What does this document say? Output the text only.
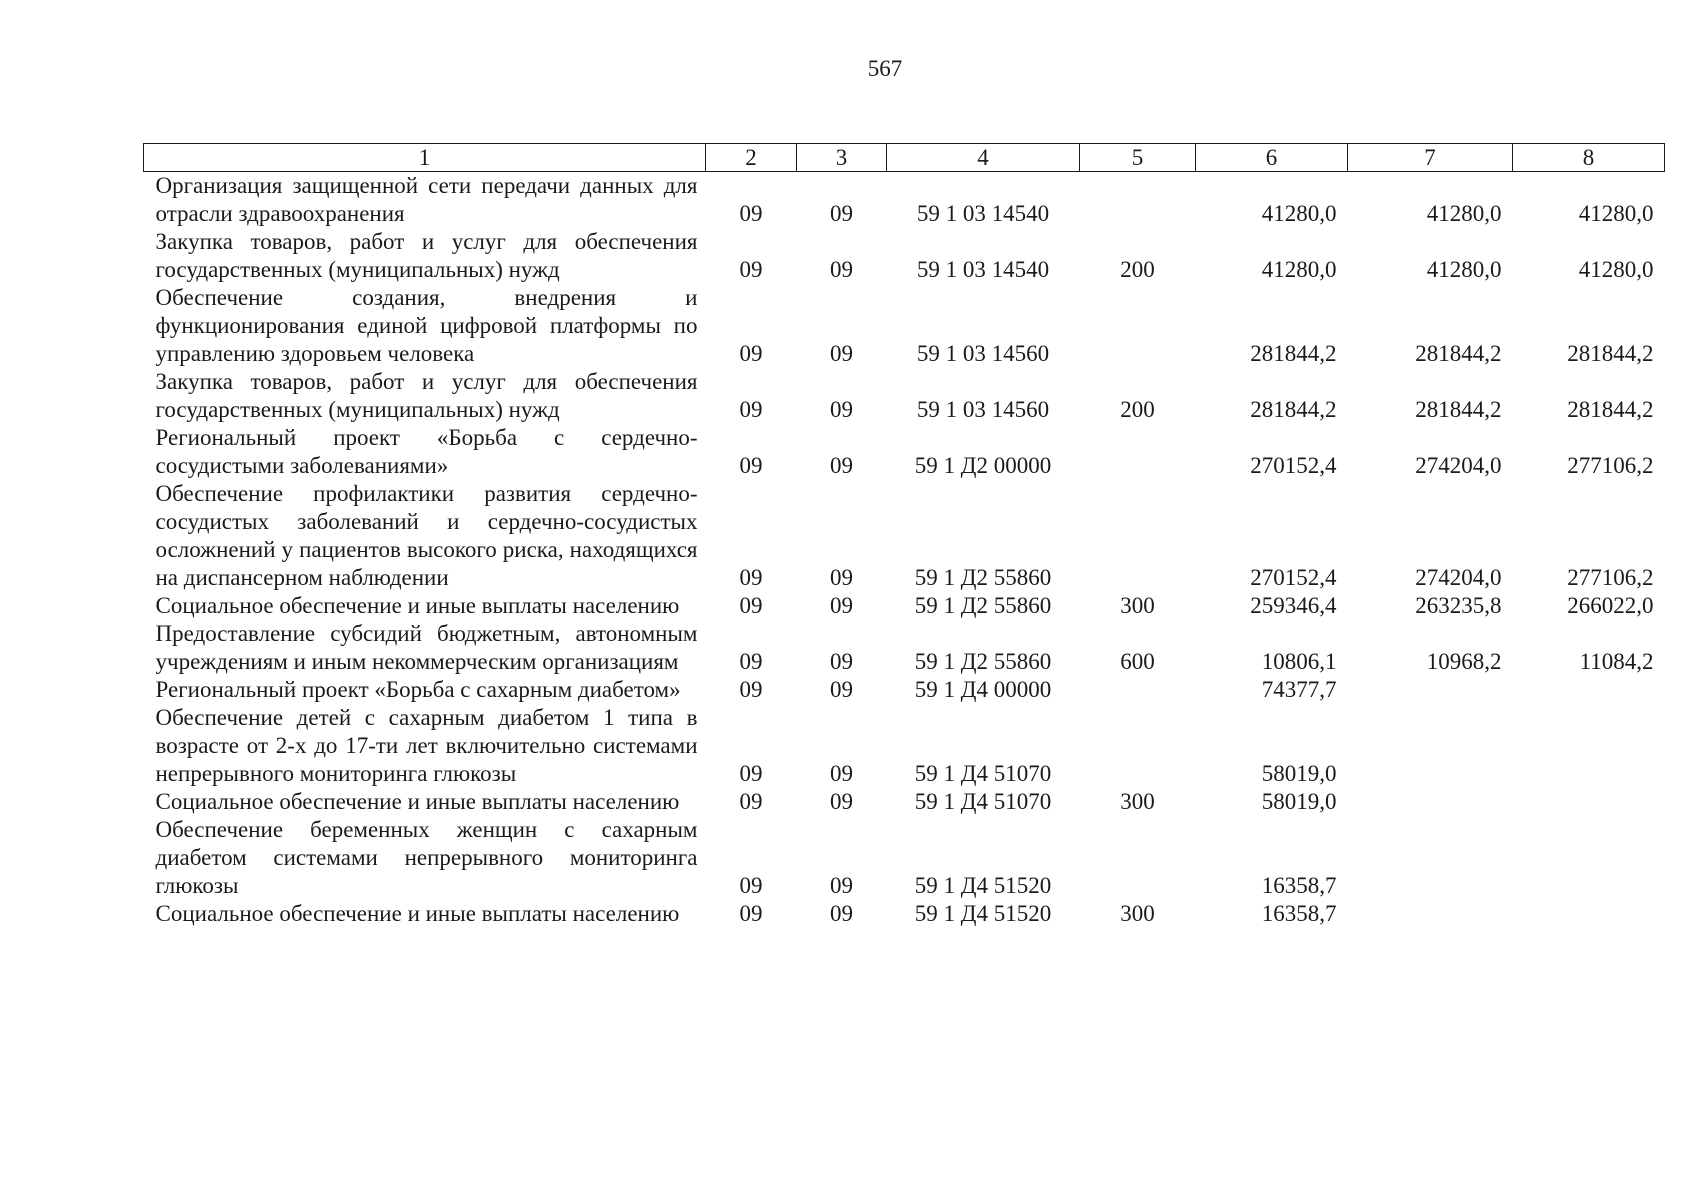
567
1	2	3	4	5	6	7	8
Организация защищенной сети передачи данных для отрасли здравоохранения	09	09	59 1 03 14540		41280,0	41280,0	41280,0
Закупка товаров, работ и услуг для обеспечения государственных (муниципальных) нужд	09	09	59 1 03 14540	200	41280,0	41280,0	41280,0
Обеспечение создания, внедрения и функционирования единой цифровой платформы по управлению здоровьем человека	09	09	59 1 03 14560		281844,2	281844,2	281844,2
Закупка товаров, работ и услуг для обеспечения государственных (муниципальных) нужд	09	09	59 1 03 14560	200	281844,2	281844,2	281844,2
Региональный проект «Борьба с сердечно-сосудистыми заболеваниями»	09	09	59 1 Д2 00000		270152,4	274204,0	277106,2
Обеспечение профилактики развития сердечно-сосудистых заболеваний и сердечно-сосудистых осложнений у пациентов высокого риска, находящихся на диспансерном наблюдении	09	09	59 1 Д2 55860		270152,4	274204,0	277106,2
Социальное обеспечение и иные выплаты населению	09	09	59 1 Д2 55860	300	259346,4	263235,8	266022,0
Предоставление субсидий бюджетным, автономным учреждениям и иным некоммерческим организациям	09	09	59 1 Д2 55860	600	10806,1	10968,2	11084,2
Региональный проект «Борьба с сахарным диабетом»	09	09	59 1 Д4 00000		74377,7		
Обеспечение детей с сахарным диабетом 1 типа в возрасте от 2-х до 17-ти лет включительно системами непрерывного мониторинга глюкозы	09	09	59 1 Д4 51070		58019,0		
Социальное обеспечение и иные выплаты населению	09	09	59 1 Д4 51070	300	58019,0		
Обеспечение беременных женщин с сахарным диабетом системами непрерывного мониторинга глюкозы	09	09	59 1 Д4 51520		16358,7		
Социальное обеспечение и иные выплаты населению	09	09	59 1 Д4 51520	300	16358,7		
